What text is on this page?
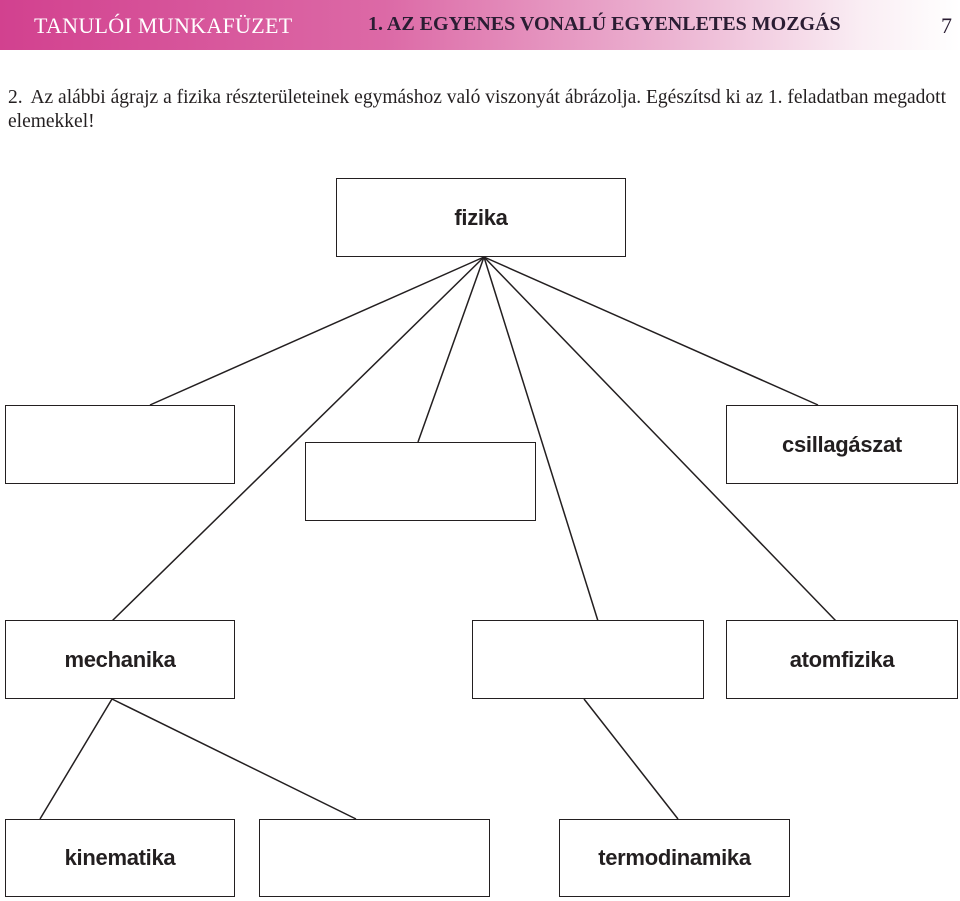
TANULÓI MUNKAFÜZET	1. AZ EGYENES VONALÚ EGYENLETES MOZGÁS	7
2. Az alábbi ágrajz a fizika részterületeinek egymáshoz való viszonyát ábrázolja. Egészítsd ki az 1. feladatban megadott elemekkel!
fizika
csillagászat
mechanika	atomfizika
kinematika	termodinamika
